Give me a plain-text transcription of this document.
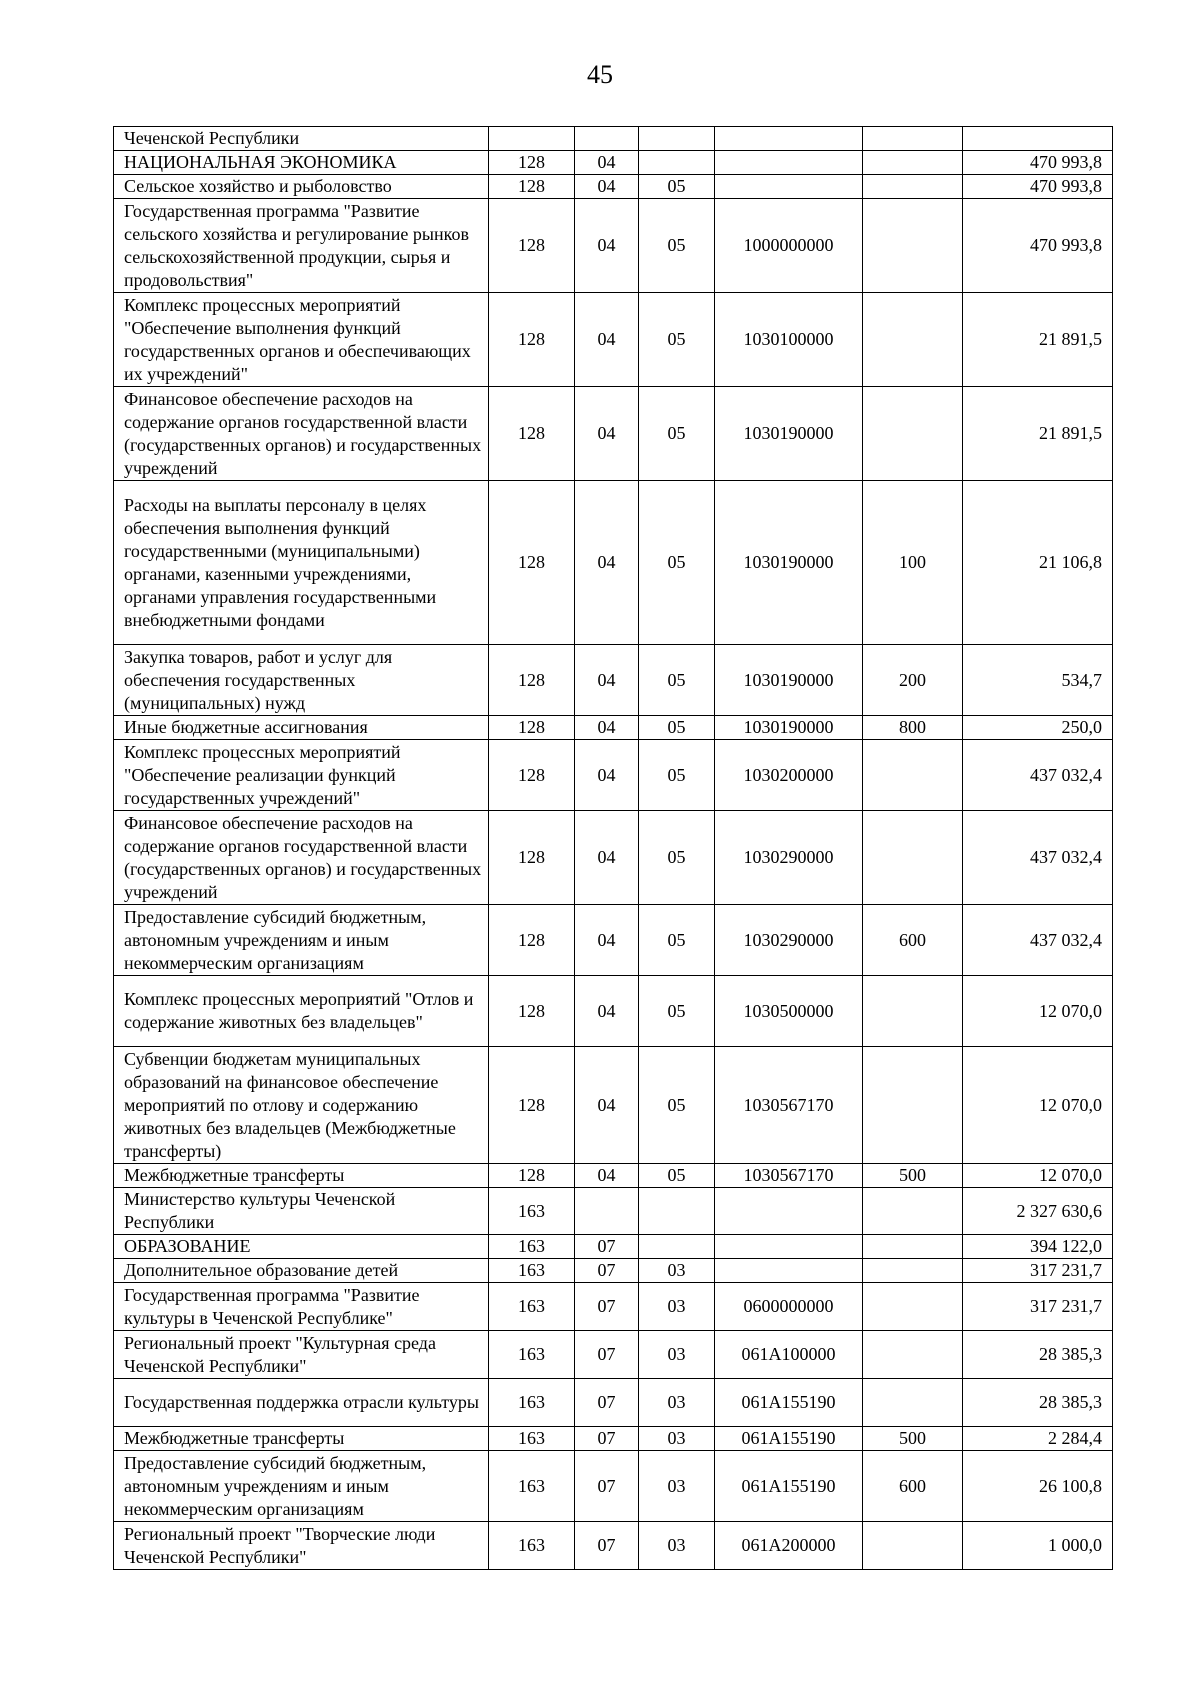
45
Чеченской Республики						
НАЦИОНАЛЬНАЯ ЭКОНОМИКА	128	04				470 993,8
Сельское хозяйство и рыболовство	128	04	05			470 993,8
Государственная программа "Развитие сельского хозяйства и регулирование рынков сельскохозяйственной продукции, сырья и продовольствия"	128	04	05	1000000000		470 993,8
Комплекс процессных мероприятий "Обеспечение выполнения функций государственных органов и обеспечивающих их учреждений"	128	04	05	1030100000		21 891,5
Финансовое обеспечение расходов на содержание органов государственной власти (государственных органов) и государственных учреждений	128	04	05	1030190000		21 891,5
Расходы на выплаты персоналу в целях обеспечения выполнения функций государственными (муниципальными) органами, казенными учреждениями, органами управления государственными внебюджетными фондами	128	04	05	1030190000	100	21 106,8
Закупка товаров, работ и услуг для обеспечения государственных (муниципальных) нужд	128	04	05	1030190000	200	534,7
Иные бюджетные ассигнования	128	04	05	1030190000	800	250,0
Комплекс процессных мероприятий "Обеспечение реализации функций государственных учреждений"	128	04	05	1030200000		437 032,4
Финансовое обеспечение расходов на содержание органов государственной власти (государственных органов) и государственных учреждений	128	04	05	1030290000		437 032,4
Предоставление субсидий бюджетным, автономным учреждениям и иным некоммерческим организациям	128	04	05	1030290000	600	437 032,4
Комплекс процессных мероприятий "Отлов и содержание животных без владельцев"	128	04	05	1030500000		12 070,0
Субвенции бюджетам муниципальных образований на финансовое обеспечение мероприятий по отлову и содержанию животных без владельцев (Межбюджетные трансферты)	128	04	05	1030567170		12 070,0
Межбюджетные трансферты	128	04	05	1030567170	500	12 070,0
Министерство культуры Чеченской Республики	163					2 327 630,6
ОБРАЗОВАНИЕ	163	07				394 122,0
Дополнительное образование детей	163	07	03			317 231,7
Государственная программа "Развитие культуры в Чеченской Республике"	163	07	03	0600000000		317 231,7
Региональный проект "Культурная среда Чеченской Республики"	163	07	03	061А100000		28 385,3
Государственная поддержка отрасли культуры	163	07	03	061А155190		28 385,3
Межбюджетные трансферты	163	07	03	061А155190	500	2 284,4
Предоставление субсидий бюджетным, автономным учреждениям и иным некоммерческим организациям	163	07	03	061А155190	600	26 100,8
Региональный проект "Творческие люди Чеченской Республики"	163	07	03	061А200000		1 000,0
